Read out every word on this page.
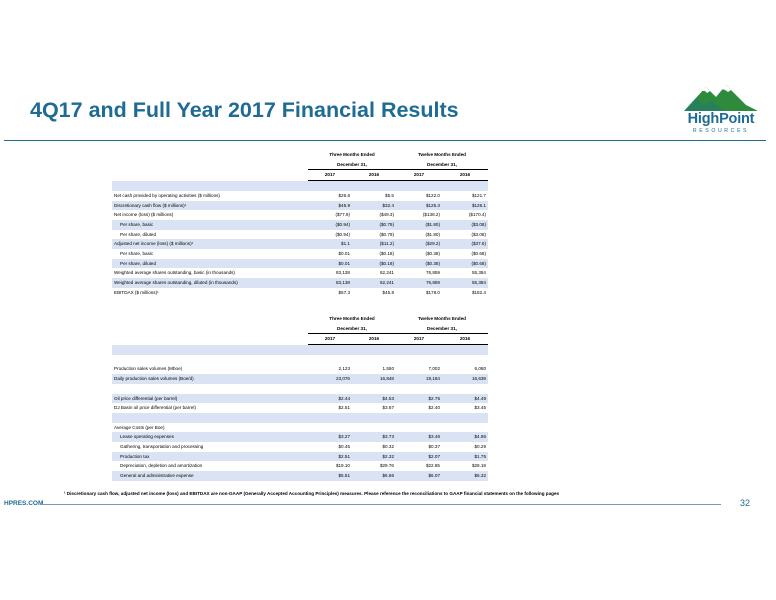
4Q17 and Full Year 2017 Financial Results	HighPoint
RESOURCES
	Three Months Ended		Twelve Months Ended	
	December 31,		December 31,	
	2017	2016	2017	2016

Net cash provided by operating activities ($ millions)	$26.6	$5.5	$122.0	$121.7
Discretionary cash flow ($ millions)¹	$45.9	$32.4	$125.3	$126.1
Net income (loss) ($ millions)	($77.9)	($49.3)	($138.2)	($170.4)
Per share, basic	($0.94)	($0.79)	($1.80)	($3.08)
Per share, diluted	($0.94)	($0.79)	($1.80)	($3.08)
Adjusted net income (loss) ($ millions)¹	$1.1	($11.2)	($29.2)	($37.6)
Per share, basic	$0.01	($0.18)	($0.38)	($0.68)
Per share, diluted	$0.01	($0.18)	($0.38)	($0.68)
Weighted average shares outstanding, basic (in thousands)	83,138	62,241	76,859	55,384
Weighted average shares outstanding, diluted (in thousands)	83,138	62,241	76,859	55,384
EBITDAX ($ millions)¹	$57.3	$45.8	$178.0	$182.4
	Three Months Ended		Twelve Months Ended	
	December 31,		December 31,	
	2017	2016	2017	2016

Production sales volumes (Mboe)	2,123	1,550	7,002	6,080
Daily production sales volumes (Boe/d)	23,076	16,848	19,184	16,639

Oil price differential (per barrel)	$2.44	$4.53	$2.75	$4.49
DJ Basin oil price differential (per barrel)	$2.51	$3.67	$2.40	$3.45

Average Costs (per Boe)				
Lease operating expenses	$3.27	$3.73	$3.46	$4.86
Gathering, transportation and processing	$0.45	$0.32	$0.37	$0.29
Production tax	$2.51	$2.32	$2.07	$1.75
Depreciation, depletion and amortization	$19.10	$29.76	$22.85	$28.19
General and administrative expense	$5.51	$6.86	$6.07	$6.32
¹ Discretionary cash flow, adjusted net income (loss) and EBITDAX are non-GAAP (Generally Accepted Accounting Principles) measures. Please reference the reconciliations to GAAP financial statements on the following pages
HPRES.COM	32
